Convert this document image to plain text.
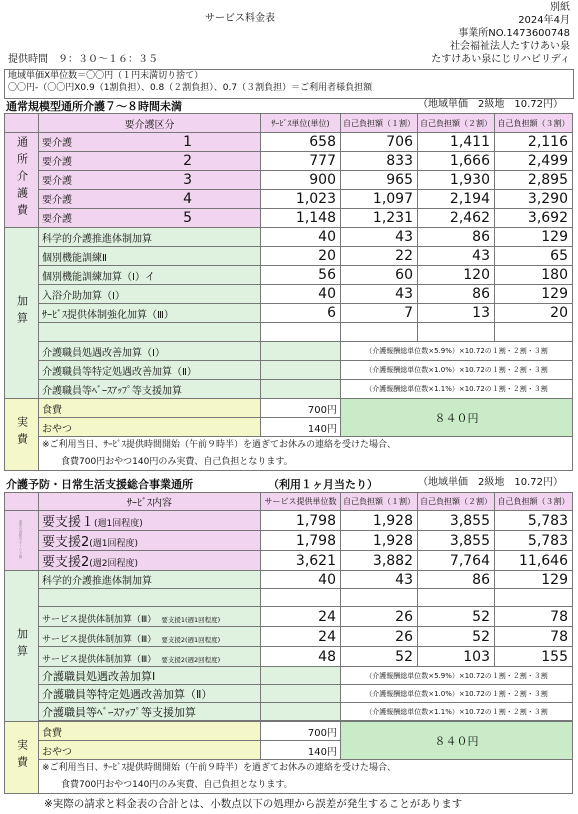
別紙
サービス料金表	2024年4月
事業所NO.1473600748
社会福祉法人たすけあい泉
提供時間　９：３０～１６：３５	たすけあい泉にじリハビリディ
地域単価X単位数＝〇〇円（１円未満切り捨て）
〇〇円-（〇〇円X0.9（1割負担）、0.8（２割負担）、0.7（３割負担）＝ご利用者様負担額
通常規模型通所介護７～８時間未満	（地域単価　2級地　10.72円）
	要介護区分	ｻｰﾋﾞｽ単位(単位)	自己負担額（１割）	自己負担額（２割）	自己負担額（３割）
通所介護費	要介護 1	658	706	1,411	2,116
	要介護 2	777	833	1,666	2,499
	要介護 3	900	965	1,930	2,895
	要介護 4	1,023	1,097	2,194	3,290
	要介護 5	1,148	1,231	2,462	3,692
加算	科学的介護推進体制加算	40	43	86	129
	個別機能訓練Ⅱ	20	22	43	65
	個別機能訓練加算（Ⅰ）イ	56	60	120	180
	入浴介助加算（Ⅰ）	40	43	86	129
	ｻｰﾋﾞｽ提供体制強化加算（Ⅲ）	6	7	13	20

	介護職員処遇改善加算（Ⅰ）		（介護報酬総単位数×5.9%）×10.72の１割・２割・３割		
	介護職員等特定処遇改善加算（Ⅱ）		（介護報酬総単位数×1.0%）×10.72の１割・２割・３割		
	介護職員等ﾍﾞｰｽｱｯﾌﾟ等支援加算		（介護報酬総単位数×1.1%）×10.72の１割・２割・３割		
実費	食費	700円	８４０円		
	おやつ	140円			
	※ご利用当日、ｻｰﾋﾞｽ提供時間開始（午前９時半）を過ぎてお休みの連絡を受けた場合、				
	食費700円おやつ140円のみ実費、自己負担となります。				
介護予防・日常生活支援総合事業通所	（利用１ヶ月当たり）	（地域単価　2級地　10.72円）
	ｻｰﾋﾞｽ内容	サービス提供単位数	自己負担額（１割）	自己負担額（２割）	自己負担額（３割）
通所介護相当サービス費	要支援１(週1回程度)	1,798	1,928	3,855	5,783
	要支援2(週1回程度)	1,798	1,928	3,855	5,783
	要支援2(週2回程度)	3,621	3,882	7,764	11,646
加算	科学的介護推進体制加算	40	43	86	129

	サービス提供体制加算（Ⅲ） 要支援1(週1回程度)	24	26	52	78
	サービス提供体制加算（Ⅲ） 要支援2(週1回程度)	24	26	52	78
	サービス提供体制加算（Ⅲ） 要支援2(週2回程度)	48	52	103	155
	介護職員処遇改善加算Ⅰ		（介護報酬総単位数×5.9%）×10.72の１割・２割・３割		
	介護職員等特定処遇改善加算（Ⅱ）		（介護報酬総単位数×1.0%）×10.72の１割・２割・３割		
	介護職員等ﾍﾞｰｽｱｯﾌﾟ等支援加算		（介護報酬総単位数×1.1%）×10.72の１割・２割・３割		

実費	食費	700円	８４０円		
	おやつ	140円			
	※ご利用当日、ｻｰﾋﾞｽ提供時間開始（午前９時半）を過ぎてお休みの連絡を受けた場合、				
	食費700円おやつ140円のみ実費、自己負担となります。				
※実際の請求と料金表の合計とは、小数点以下の処理から誤差が発生することがあります
